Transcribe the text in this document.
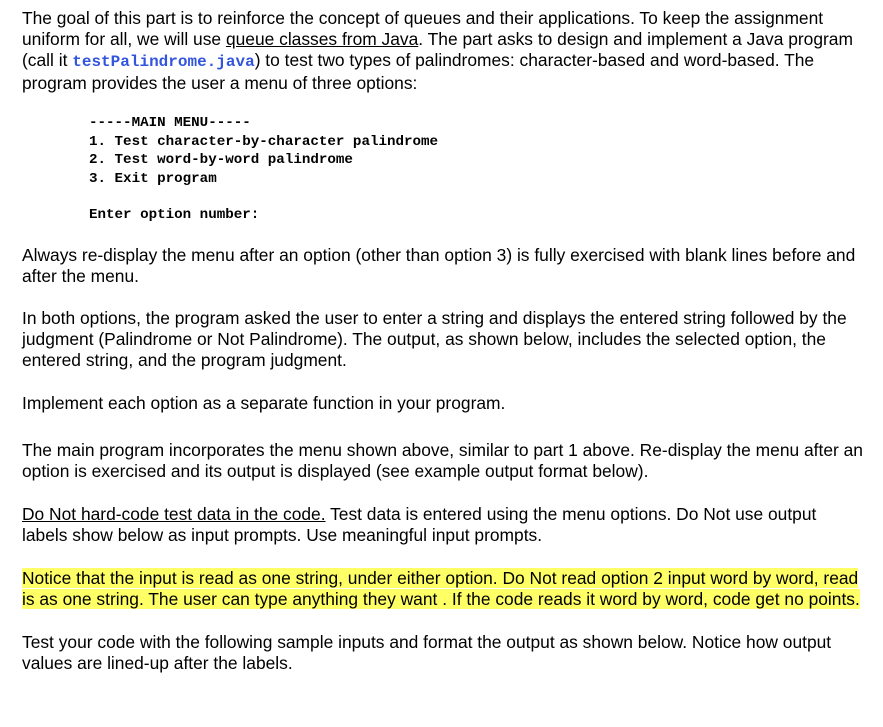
The goal of this part is to reinforce the concept of queues and their applications. To keep the assignment uniform for all, we will use queue classes from Java. The part asks to design and implement a Java program (call it testPalindrome.java) to test two types of palindromes: character-based and word-based. The program provides the user a menu of three options:

-----MAIN MENU-----
1. Test character-by-character palindrome
2. Test word-by-word palindrome
3. Exit program
Enter option number:

Always re-display the menu after an option (other than option 3) is fully exercised with blank lines before and after the menu.

In both options, the program asked the user to enter a string and displays the entered string followed by the judgment (Palindrome or Not Palindrome). The output, as shown below, includes the selected option, the entered string, and the program judgment.

Implement each option as a separate function in your program.

The main program incorporates the menu shown above, similar to part 1 above. Re-display the menu after an option is exercised and its output is displayed (see example output format below).

Do Not hard-code test data in the code. Test data is entered using the menu options. Do Not use output labels show below as input prompts. Use meaningful input prompts.

Notice that the input is read as one string, under either option. Do Not read option 2 input word by word, read is as one string. The user can type anything they want . If the code reads it word by word, code get no points.

Test your code with the following sample inputs and format the output as shown below. Notice how output values are lined-up after the labels.
